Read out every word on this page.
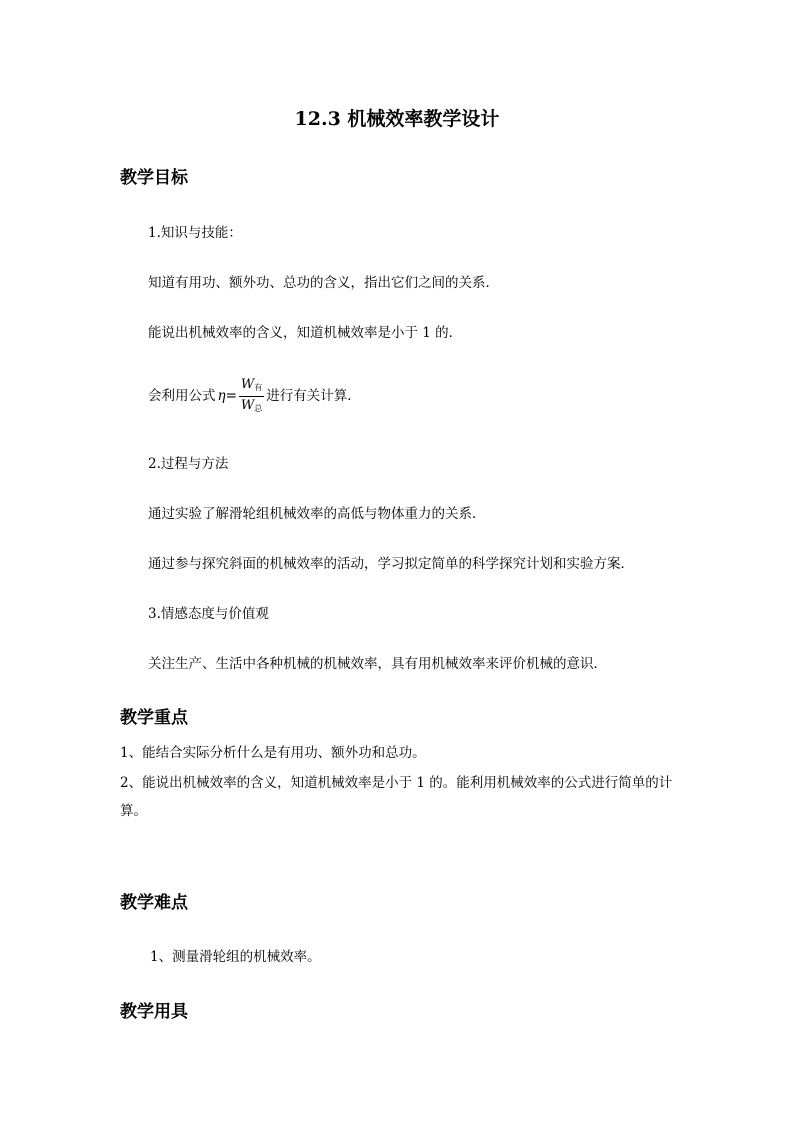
12.3 机械效率教学设计
教学目标
1.知识与技能：
知道有用功、额外功、总功的含义，指出它们之间的关系．
能说出机械效率的含义，知道机械效率是小于 1 的．
会利用公式 $\eta= \frac{W_有}{W_总}$ 进行有关计算．
2.过程与方法
通过实验了解滑轮组机械效率的高低与物体重力的关系．
通过参与探究斜面的机械效率的活动，学习拟定简单的科学探究计划和实验方案．
3.情感态度与价值观
关注生产、生活中各种机械的机械效率，具有用机械效率来评价机械的意识．
教学重点
1、能结合实际分析什么是有用功、额外功和总功。
2、能说出机械效率的含义，知道机械效率是小于 1 的。能利用机械效率的公式进行简单的计算。
教学难点
1、测量滑轮组的机械效率。
教学用具
